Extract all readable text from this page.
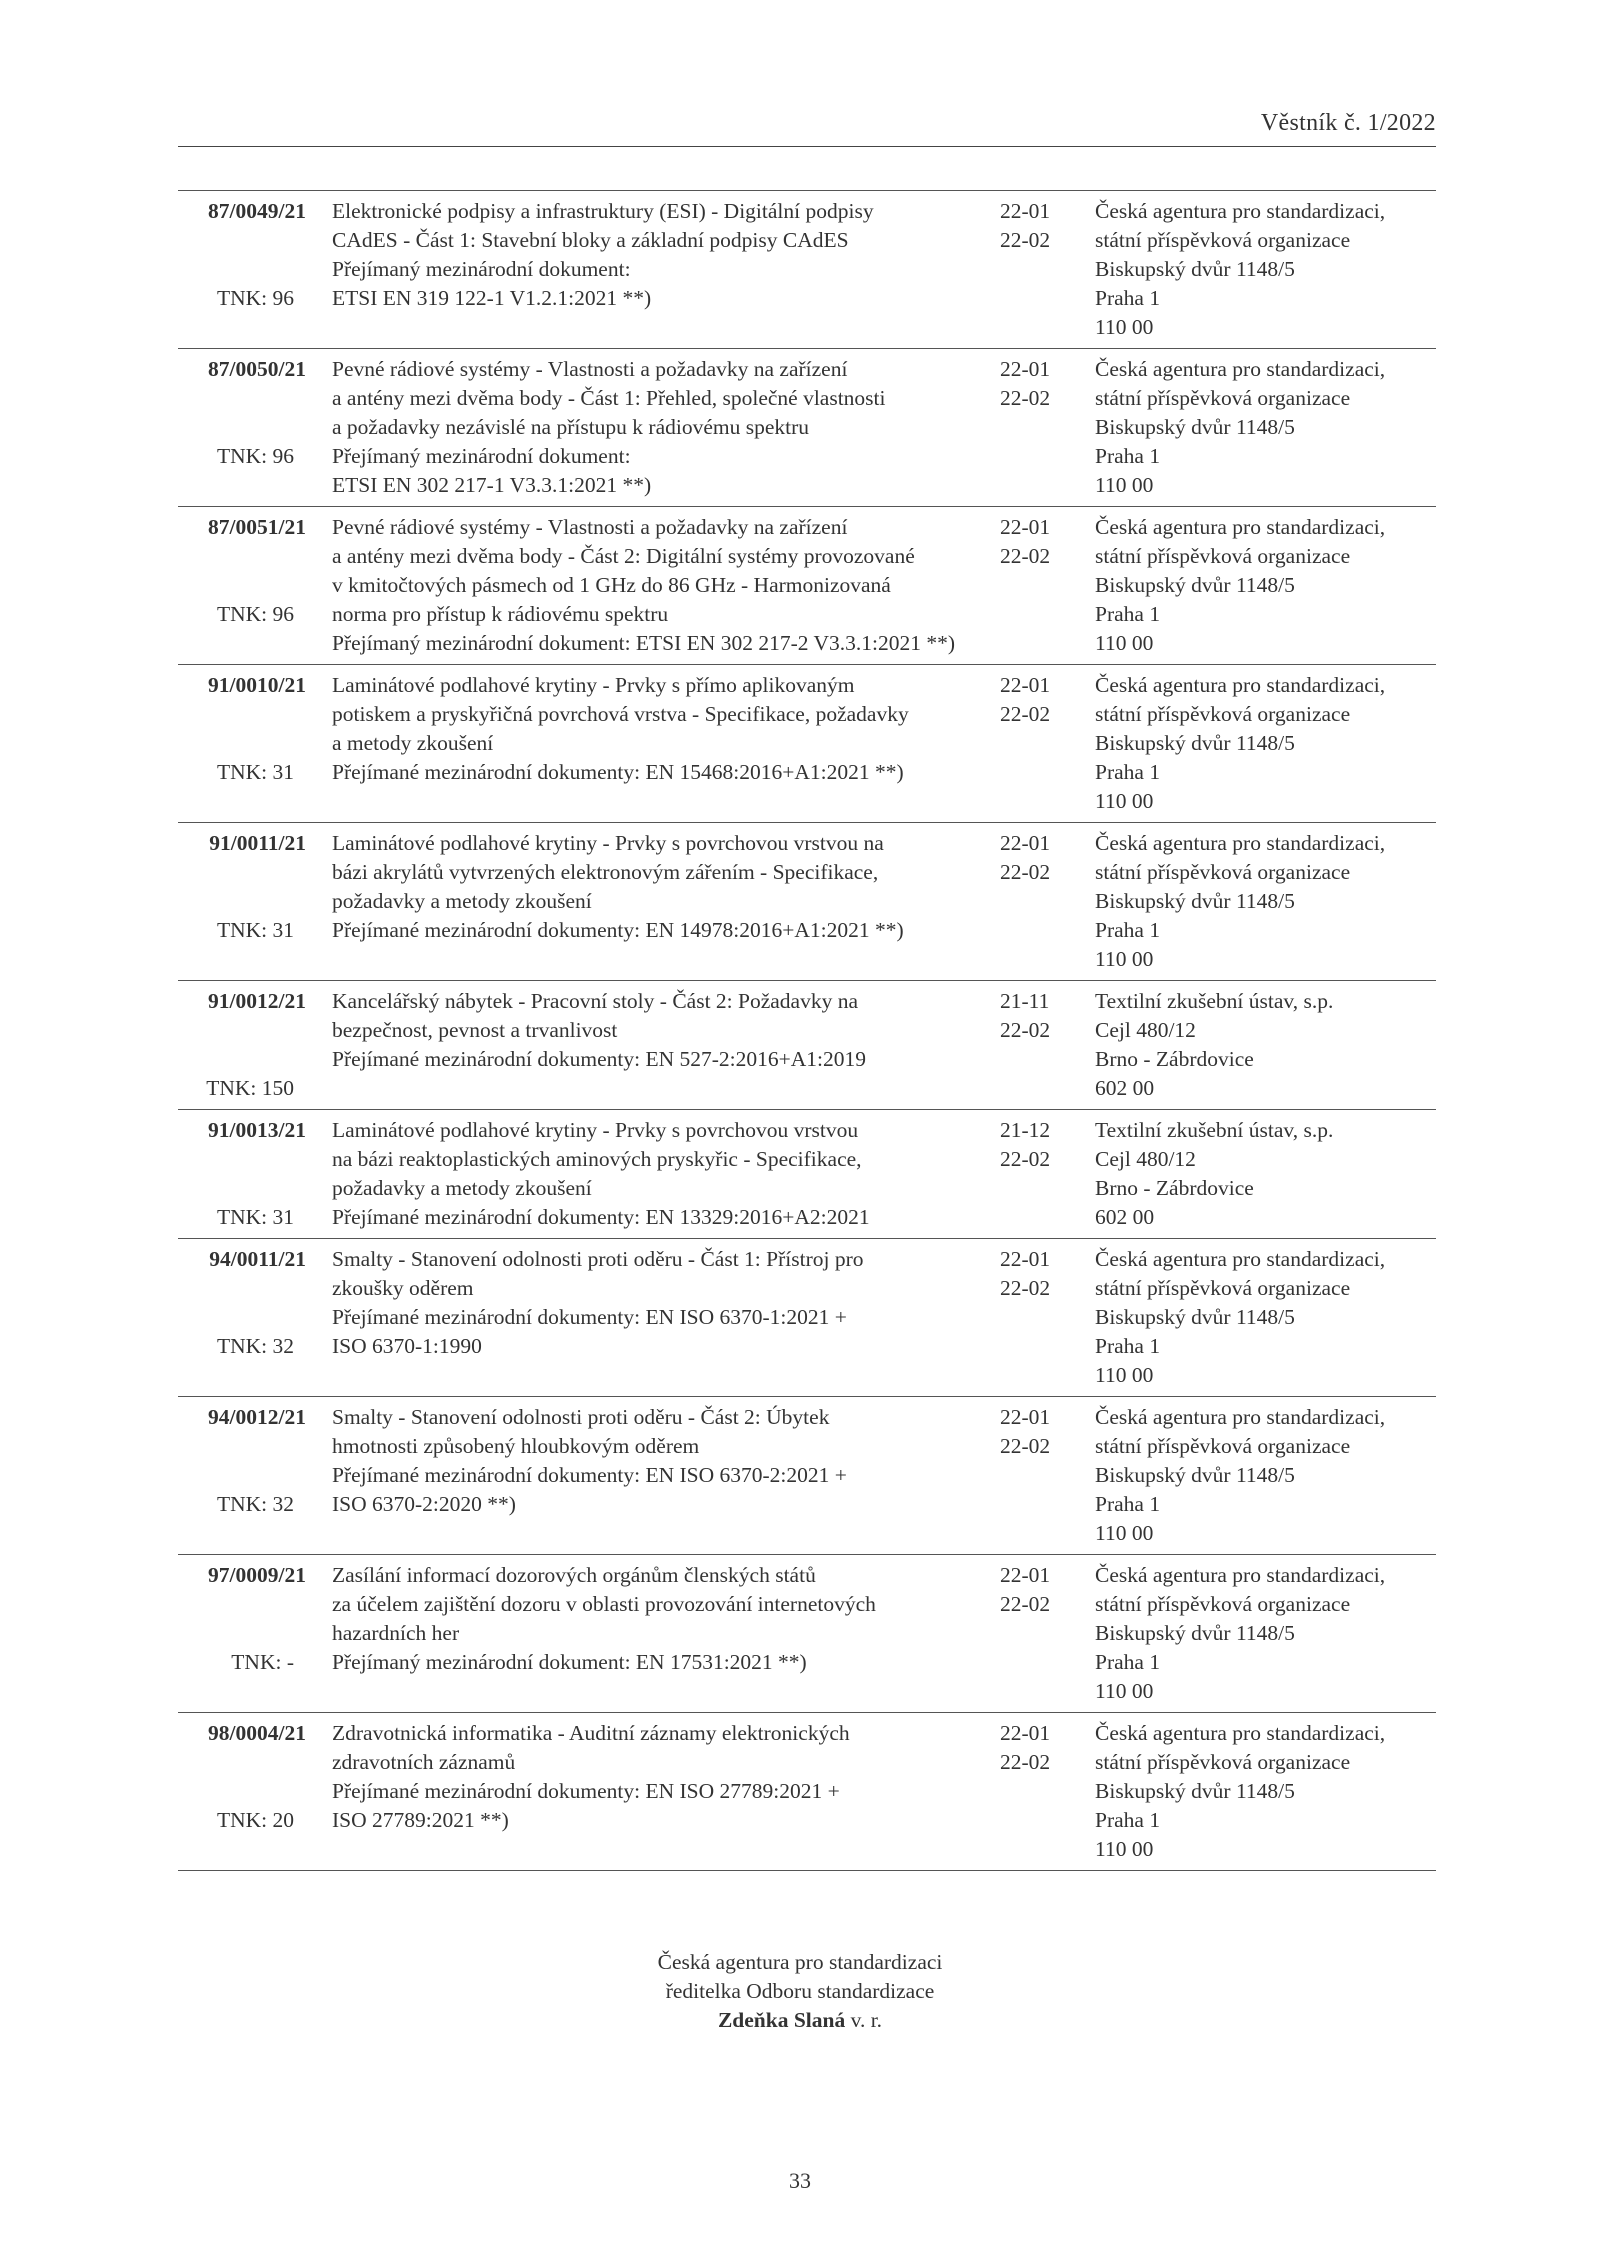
Věstník č. 1/2022
87/0049/21
TNK: 96
Elektronické podpisy a infrastruktury (ESI) - Digitální podpisy
CAdES - Část 1: Stavební bloky a základní podpisy CAdES
Přejímaný mezinárodní dokument:
ETSI EN 319 122-1 V1.2.1:2021 **)
22-01
22-02
Česká agentura pro standardizaci,
státní příspěvková organizace
Biskupský dvůr 1148/5
Praha 1
110 00
87/0050/21
TNK: 96
Pevné rádiové systémy - Vlastnosti a požadavky na zařízení
a antény mezi dvěma body - Část 1: Přehled, společné vlastnosti
a požadavky nezávislé na přístupu k rádiovému spektru
Přejímaný mezinárodní dokument:
ETSI EN 302 217-1 V3.3.1:2021 **)
22-01
22-02
Česká agentura pro standardizaci,
státní příspěvková organizace
Biskupský dvůr 1148/5
Praha 1
110 00
87/0051/21
TNK: 96
Pevné rádiové systémy - Vlastnosti a požadavky na zařízení
a antény mezi dvěma body - Část 2: Digitální systémy provozované
v kmitočtových pásmech od 1 GHz do 86 GHz - Harmonizovaná
norma pro přístup k rádiovému spektru
Přejímaný mezinárodní dokument: ETSI EN 302 217-2 V3.3.1:2021 **)
22-01
22-02
Česká agentura pro standardizaci,
státní příspěvková organizace
Biskupský dvůr 1148/5
Praha 1
110 00
91/0010/21
TNK: 31
Laminátové podlahové krytiny - Prvky s přímo aplikovaným
potiskem a pryskyřičná povrchová vrstva - Specifikace, požadavky
a metody zkoušení
Přejímané mezinárodní dokumenty: EN 15468:2016+A1:2021 **)
22-01
22-02
Česká agentura pro standardizaci,
státní příspěvková organizace
Biskupský dvůr 1148/5
Praha 1
110 00
91/0011/21
TNK: 31
Laminátové podlahové krytiny - Prvky s povrchovou vrstvou na
bázi akrylátů vytvrzených elektronovým zářením - Specifikace,
požadavky a metody zkoušení
Přejímané mezinárodní dokumenty: EN 14978:2016+A1:2021 **)
22-01
22-02
Česká agentura pro standardizaci,
státní příspěvková organizace
Biskupský dvůr 1148/5
Praha 1
110 00
91/0012/21
TNK: 150
Kancelářský nábytek - Pracovní stoly - Část 2: Požadavky na
bezpečnost, pevnost a trvanlivost
Přejímané mezinárodní dokumenty: EN 527-2:2016+A1:2019
21-11
22-02
Textilní zkušební ústav, s.p.
Cejl 480/12
Brno - Zábrdovice
602 00
91/0013/21
TNK: 31
Laminátové podlahové krytiny - Prvky s povrchovou vrstvou
na bázi reaktoplastických aminových pryskyřic - Specifikace,
požadavky a metody zkoušení
Přejímané mezinárodní dokumenty: EN 13329:2016+A2:2021
21-12
22-02
Textilní zkušební ústav, s.p.
Cejl 480/12
Brno - Zábrdovice
602 00
94/0011/21
TNK: 32
Smalty - Stanovení odolnosti proti oděru - Část 1: Přístroj pro
zkoušky oděrem
Přejímané mezinárodní dokumenty: EN ISO 6370-1:2021 +
ISO 6370-1:1990
22-01
22-02
Česká agentura pro standardizaci,
státní příspěvková organizace
Biskupský dvůr 1148/5
Praha 1
110 00
94/0012/21
TNK: 32
Smalty - Stanovení odolnosti proti oděru - Část 2: Úbytek
hmotnosti způsobený hloubkovým oděrem
Přejímané mezinárodní dokumenty: EN ISO 6370-2:2021 +
ISO 6370-2:2020 **)
22-01
22-02
Česká agentura pro standardizaci,
státní příspěvková organizace
Biskupský dvůr 1148/5
Praha 1
110 00
97/0009/21
TNK: -
Zasílání informací dozorových orgánům členských států
za účelem zajištění dozoru v oblasti provozování internetových
hazardních her
Přejímaný mezinárodní dokument: EN 17531:2021 **)
22-01
22-02
Česká agentura pro standardizaci,
státní příspěvková organizace
Biskupský dvůr 1148/5
Praha 1
110 00
98/0004/21
TNK: 20
Zdravotnická informatika - Auditní záznamy elektronických
zdravotních záznamů
Přejímané mezinárodní dokumenty: EN ISO 27789:2021 +
ISO 27789:2021 **)
22-01
22-02
Česká agentura pro standardizaci,
státní příspěvková organizace
Biskupský dvůr 1148/5
Praha 1
110 00
Česká agentura pro standardizaci
ředitelka Odboru standardizace
Zdeňka Slaná v. r.
33
